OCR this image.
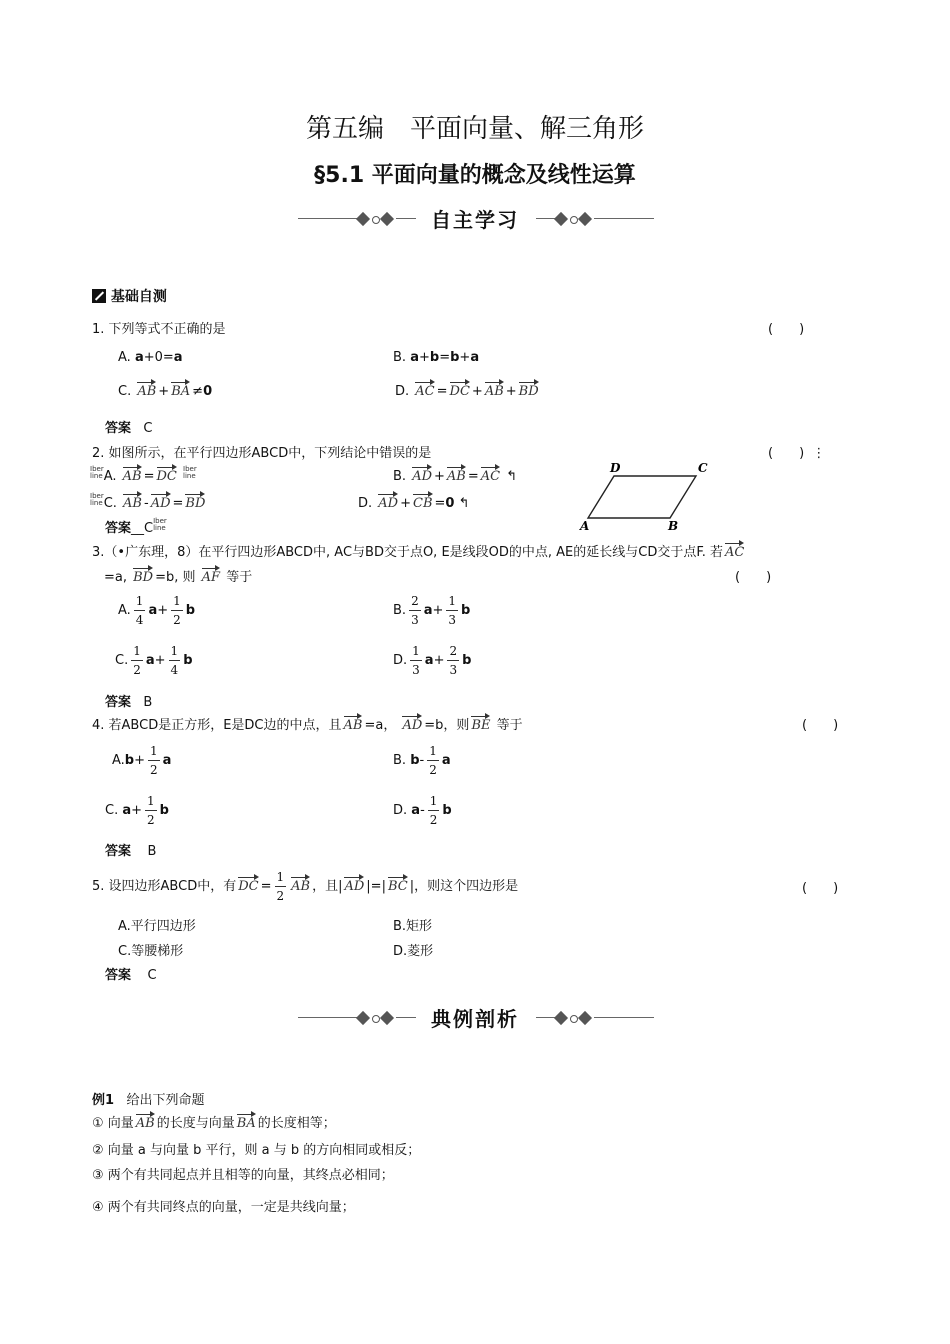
第五编　平面向量、解三角形
§5.1 平面向量的概念及线性运算
自主学习
基础自测
1. 下列等式不正确的是	(　　)
A. a+0=a	B. a+b=b+a
C. AB + BA ≠0	D. AC = DC + AB + BD
答案 C
2. 如图所示，在平行四边形ABCD中，下列结论中错误的是	(　　)  ⋮
Iber
lineA. AB = DC Iber
line	B. AD + AB = AC ↰
Iber
lineC. AB - AD = BD	D. AD + CB =0 ↰
答案__CIber
line
D	C
A	B
3.（•广东理，8）在平行四边形ABCD中, AC与BD交于点O, E是线段OD的中点, AE的延长线与CD交于点F. 若 AC
=a, BD =b, 则 AF 等于	(　　)
A. $\frac{1}{4} a+ \frac{1}{2}$ b	B. $\frac{2}{3} a+ \frac{1}{3}$ b
C. $\frac{1}{2} a+ \frac{1}{4}$ b	D. $\frac{1}{3} a+ \frac{2}{3}$ b
答案 B
4. 若ABCD是正方形，E是DC边的中点，且 AB =a， AD =b，则 BE 等于	(　　)
$A.b+ \frac{1}{2}$ a	B. $b- \frac{1}{2}$ a
C. $a+ \frac{1}{2}$ b	D. $a- \frac{1}{2}$ b
答案 B
5. 设四边形ABCD中，有 DC = $\frac{1}{2}$ AB ，且| AD |=| BC |，则这个四边形是	(　　)
A.平行四边形	B.矩形
C.等腰梯形	D.菱形
答案 C
典例剖析
例1 给出下列命题
① 向量 AB 的长度与向量 BA 的长度相等；
② 向量 a 与向量 b 平行，则 a 与 b 的方向相同或相反；
③ 两个有共同起点并且相等的向量，其终点必相同；
④ 两个有共同终点的向量，一定是共线向量；
